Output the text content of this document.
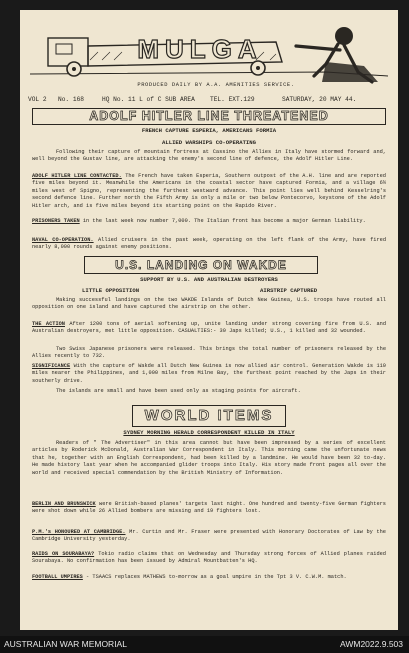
MULGA
PRODUCED DAILY BY A.A. AMENITIES SERVICE.
VOL 2 No. 168	HQ No. 11 L of C SUB AREA TEL. EXT.129	SATURDAY, 20 MAY 44.
ADOLF HITLER LINE THREATENED
FRENCH CAPTURE ESPERIA, AMERICANS FORMIA
ALLIED WARSHIPS CO-OPERATING
Following their capture of mountain fortress at Cassino the Allies in Italy have stormed forward and, well beyond the Gustav line, are attacking the enemy's second line of defence, the Adolf Hitler Line.
ADOLF HITLER LINE CONTACTED. The French have taken Esperia, Southern outpost of the A.H. line and are reported five miles beyond it. Meanwhile the Americans in the coastal sector have captured Formia, and a village 6½ miles west of Spigno, representing the furthest westward advance. This point lies well behind Kesselring's second defence line. Further north the Fifth Army is only a mile or two below Pontecorvo, keystone of the Adolf Hitler arch, and is five miles beyond its starting point on the Rapido River.
PRISONERS TAKEN in the last week now number 7,000. The Italian front has become a major German liability.
NAVAL CO-OPERATION. Allied cruisers in the past week, operating on the left flank of the Army, have fired nearly 8,000 rounds against enemy positions.
U.S. LANDING ON WAKDE
SUPPORT BY U.S. AND AUSTRALIAN DESTROYERS
LITTLE OPPOSITION	AIRSTRIP CAPTURED
Making successful landings on the two WAKDE Islands of Dutch New Guinea, U.S. troops have routed all opposition on one island and have captured the airstrip on the other.
THE ACTION After 1200 tons of aerial softening up, unite landing under strong covering fire from U.S. and Australian destroyers, met little opposition. CASUALTIES:- 30 Japs killed; U.S., 1 killed and 32 wounded.
Two Swiss Japanese prisoners were released. This brings the total number of prisoners released by the Allies recently to 732.
SIGNIFICANCE With the capture of Wakde all Dutch New Guinea is now allied air control. Generation Wakde is 110 miles nearer the Philippines, and 1,000 miles from Milne Bay, the furthest point reached by the Japs in their southerly drive.
The islands are small and have been used only as staging points for aircraft.
WORLD ITEMS
SYDNEY MORNING HERALD CORRESPONDENT KILLED IN ITALY
Readers of " The Advertiser" in this area cannot but have been impressed by a series of excellent articles by Roderick McDonald, Australian War Correspondent in Italy. This morning came the unfortunate news that he, together with an English Correspondent, had been killed by a landmine. He would have been 32 to-day. He made history last year when he accompanied glider troops into Italy. His story made front pages all over the world and received special commendation by the British Ministry of Information.
BERLIN AND BRUNSWICK were British-based planes' targets last night. One hundred and twenty-five German fighters were shot down while 26 Allied bombers are missing and 19 fighters lost.
P.M.'s HONOURED AT CAMBRIDGE. Mr. Curtin and Mr. Fraser were presented with Honorary Doctorates of Law by the Cambridge University yesterday.
RAIDS ON SOURABAYA? Tokio radio claims that on Wednesday and Thursday strong forces of Allied planes raided Sourabaya. No confirmation has been issued by Admiral Mountbatten's HQ.
FOOTBALL UMPIRES - TSAACS replaces MATHEWS to-morrow as a goal umpire in the Tpt 3 V. C.W.M. match.
AUSTRALIAN WAR MEMORIAL	AWM2022.9.503
